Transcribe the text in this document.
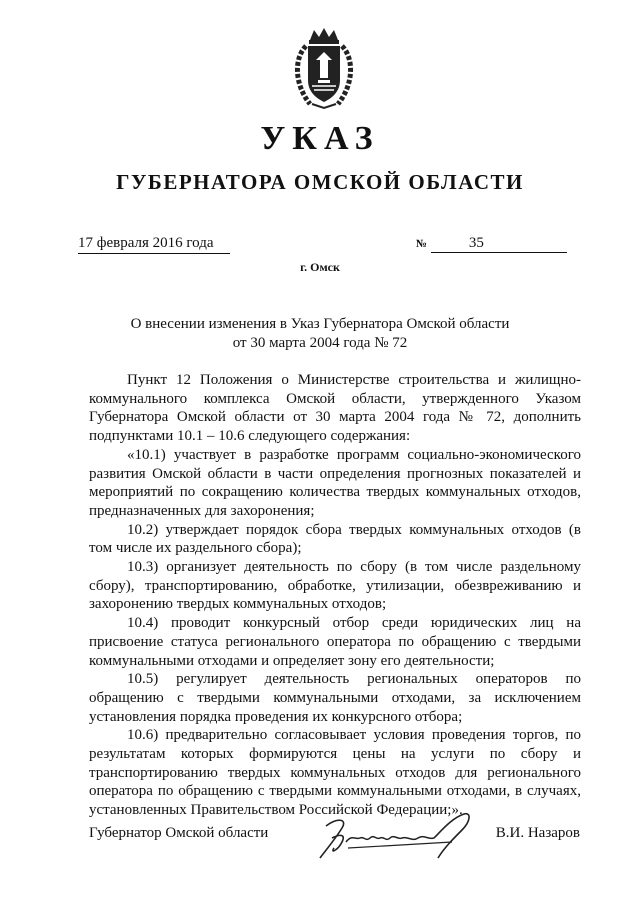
УКАЗ
ГУБЕРНАТОРА ОМСКОЙ ОБЛАСТИ
17 февраля 2016 года	№	35
г. Омск
О внесении изменения в Указ Губернатора Омской области
от 30 марта 2004 года № 72

Пункт 12 Положения о Министерстве строительства и жилищно-коммунального комплекса Омской области, утвержденного Указом Губернатора Омской области от 30 марта 2004 года № 72, дополнить подпунктами 10.1 – 10.6 следующего содержания:

«10.1) участвует в разработке программ социально-экономического развития Омской области в части определения прогнозных показателей и мероприятий по сокращению количества твердых коммунальных отходов, предназначенных для захоронения;

10.2) утверждает порядок сбора твердых коммунальных отходов (в том числе их раздельного сбора);

10.3) организует деятельность по сбору (в том числе раздельному сбору), транспортированию, обработке, утилизации, обезвреживанию и захоронению твердых коммунальных отходов;

10.4) проводит конкурсный отбор среди юридических лиц на присвоение статуса регионального оператора по обращению с твердыми коммунальными отходами и определяет зону его деятельности;

10.5) регулирует деятельность региональных операторов по обращению с твердыми коммунальными отходами, за исключением установления порядка проведения их конкурсного отбора;

10.6) предварительно согласовывает условия проведения торгов, по результатам которых формируются цены на услуги по сбору и транспортированию твердых коммунальных отходов для регионального оператора по обращению с твердыми коммунальными отходами, в случаях, установленных Правительством Российской Федерации;».

Губернатор Омской области	В.И. Назаров
